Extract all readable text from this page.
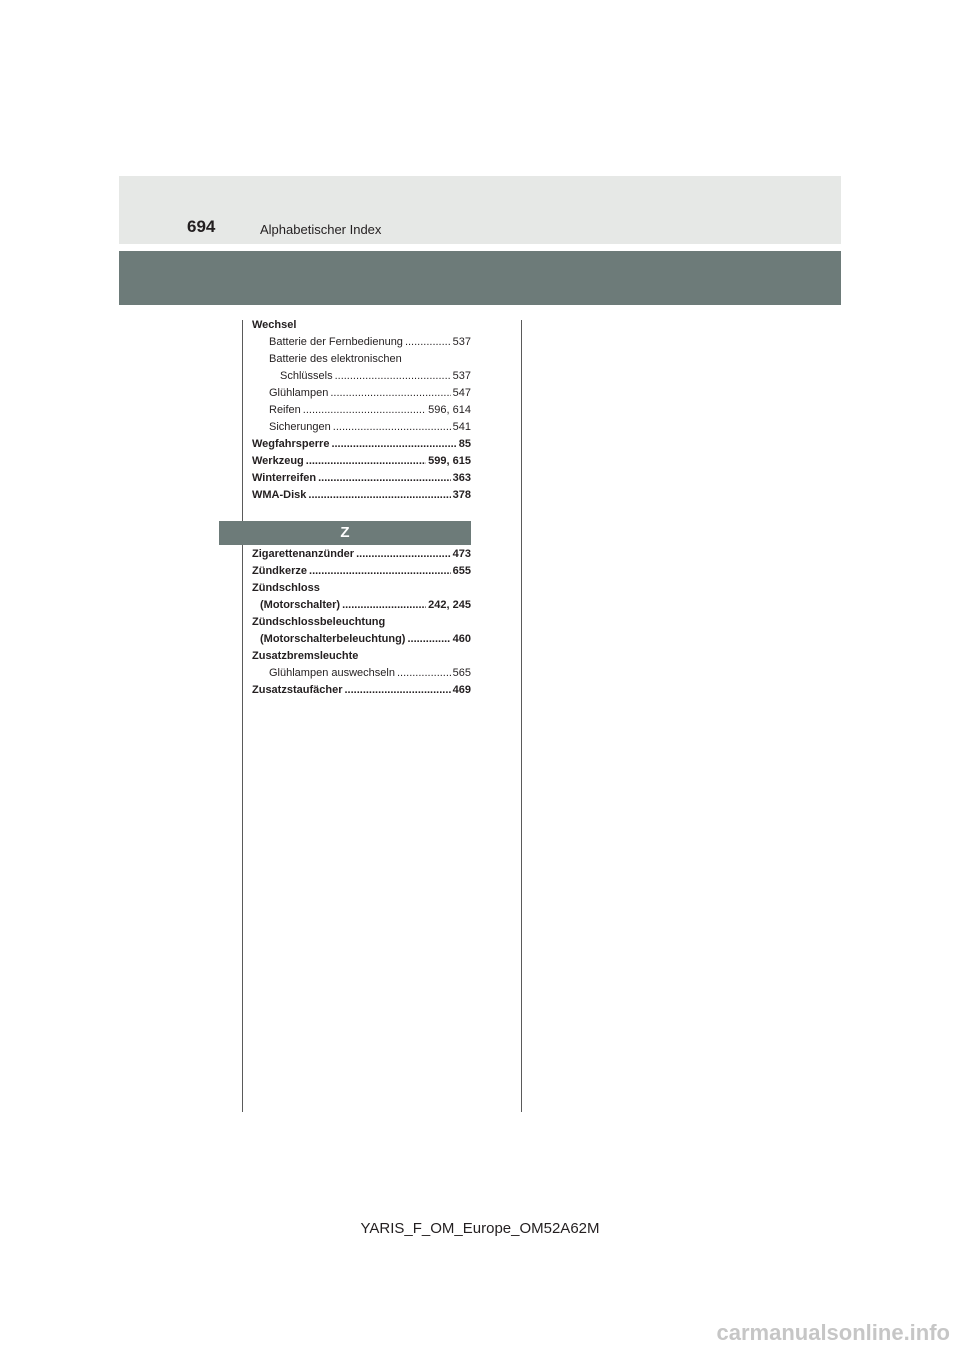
694	Alphabetischer Index
Wechsel
Batterie der Fernbedienung .....	537
Batterie des elektronischen
Schlüssels .....	537
Glühlampen .....	547
Reifen .....	596, 614
Sicherungen .....	541
Wegfahrsperre .....	85
Werkzeug .....	599, 615
Winterreifen .....	363
WMA-Disk .....	378
Z
Zigarettenanzünder .....	473
Zündkerze .....	655
Zündschloss
(Motorschalter) .....	242, 245
Zündschlossbeleuchtung
(Motorschalterbeleuchtung) .....	460
Zusatzbremsleuchte
Glühlampen auswechseln .....	565
Zusatzstaufächer .....	469
YARIS_F_OM_Europe_OM52A62M
carmanualsonline.info
